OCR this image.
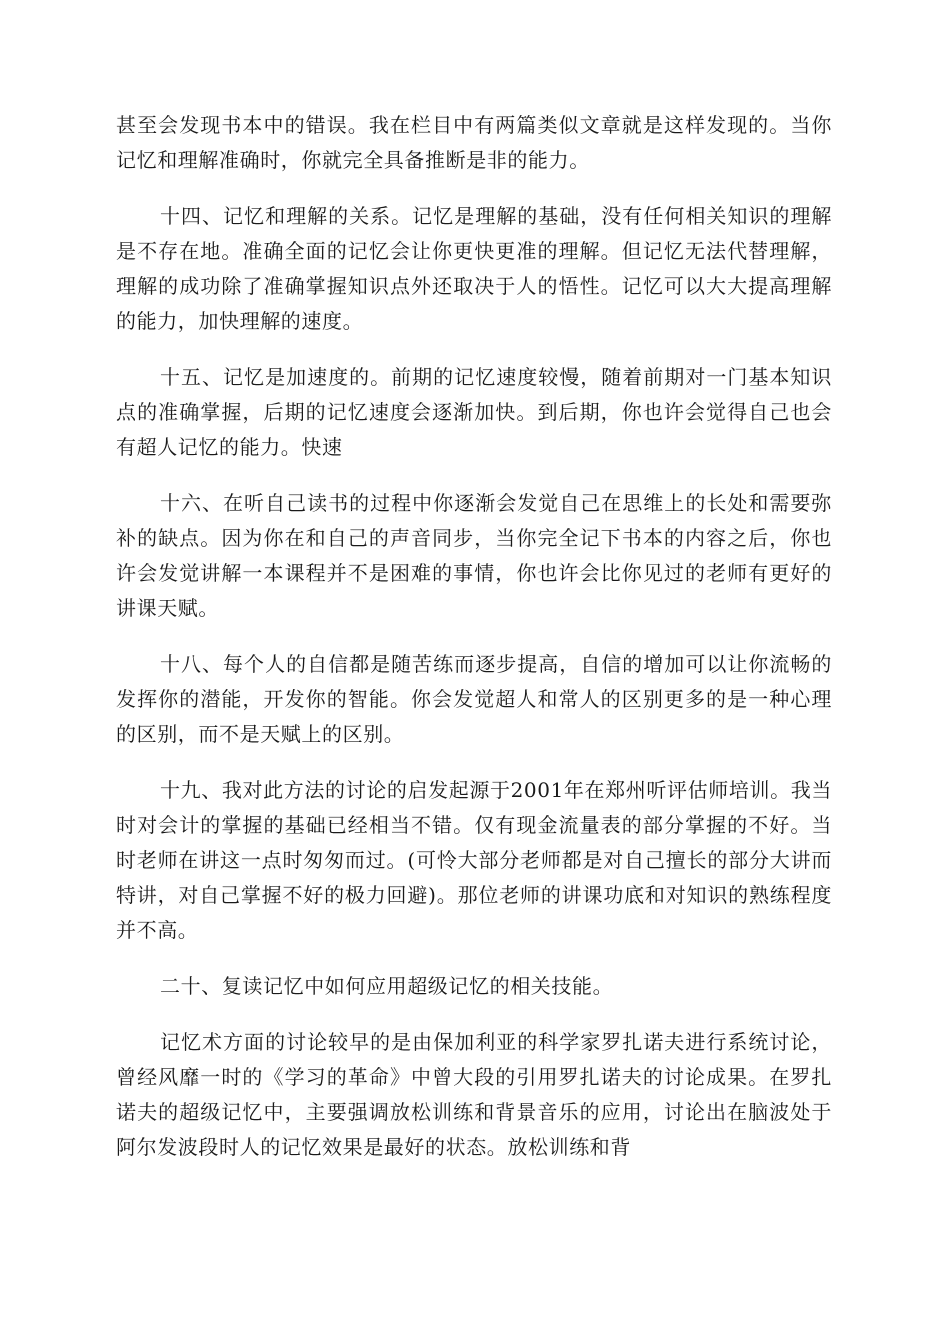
甚至会发现书本中的错误。我在栏目中有两篇类似文章就是这样发现的。当你记忆和理解准确时，你就完全具备推断是非的能力。

十四、记忆和理解的关系。记忆是理解的基础，没有任何相关知识的理解是不存在地。准确全面的记忆会让你更快更准的理解。但记忆无法代替理解，理解的成功除了准确掌握知识点外还取决于人的悟性。记忆可以大大提高理解的能力，加快理解的速度。

十五、记忆是加速度的。前期的记忆速度较慢，随着前期对一门基本知识点的准确掌握，后期的记忆速度会逐渐加快。到后期，你也许会觉得自己也会有超人记忆的能力。快速

十六、在听自己读书的过程中你逐渐会发觉自己在思维上的长处和需要弥补的缺点。因为你在和自己的声音同步，当你完全记下书本的内容之后，你也许会发觉讲解一本课程并不是困难的事情，你也许会比你见过的老师有更好的讲课天赋。

十八、每个人的自信都是随苦练而逐步提高，自信的增加可以让你流畅的发挥你的潜能，开发你的智能。你会发觉超人和常人的区别更多的是一种心理的区别，而不是天赋上的区别。

十九、我对此方法的讨论的启发起源于2001年在郑州听评估师培训。我当时对会计的掌握的基础已经相当不错。仅有现金流量表的部分掌握的不好。当时老师在讲这一点时匆匆而过。(可怜大部分老师都是对自己擅长的部分大讲而特讲，对自己掌握不好的极力回避)。那位老师的讲课功底和对知识的熟练程度并不高。

二十、复读记忆中如何应用超级记忆的相关技能。

记忆术方面的讨论较早的是由保加利亚的科学家罗扎诺夫进行系统讨论，曾经风靡一时的《学习的革命》中曾大段的引用罗扎诺夫的讨论成果。在罗扎诺夫的超级记忆中，主要强调放松训练和背景音乐的应用，讨论出在脑波处于阿尔发波段时人的记忆效果是最好的状态。放松训练和背
